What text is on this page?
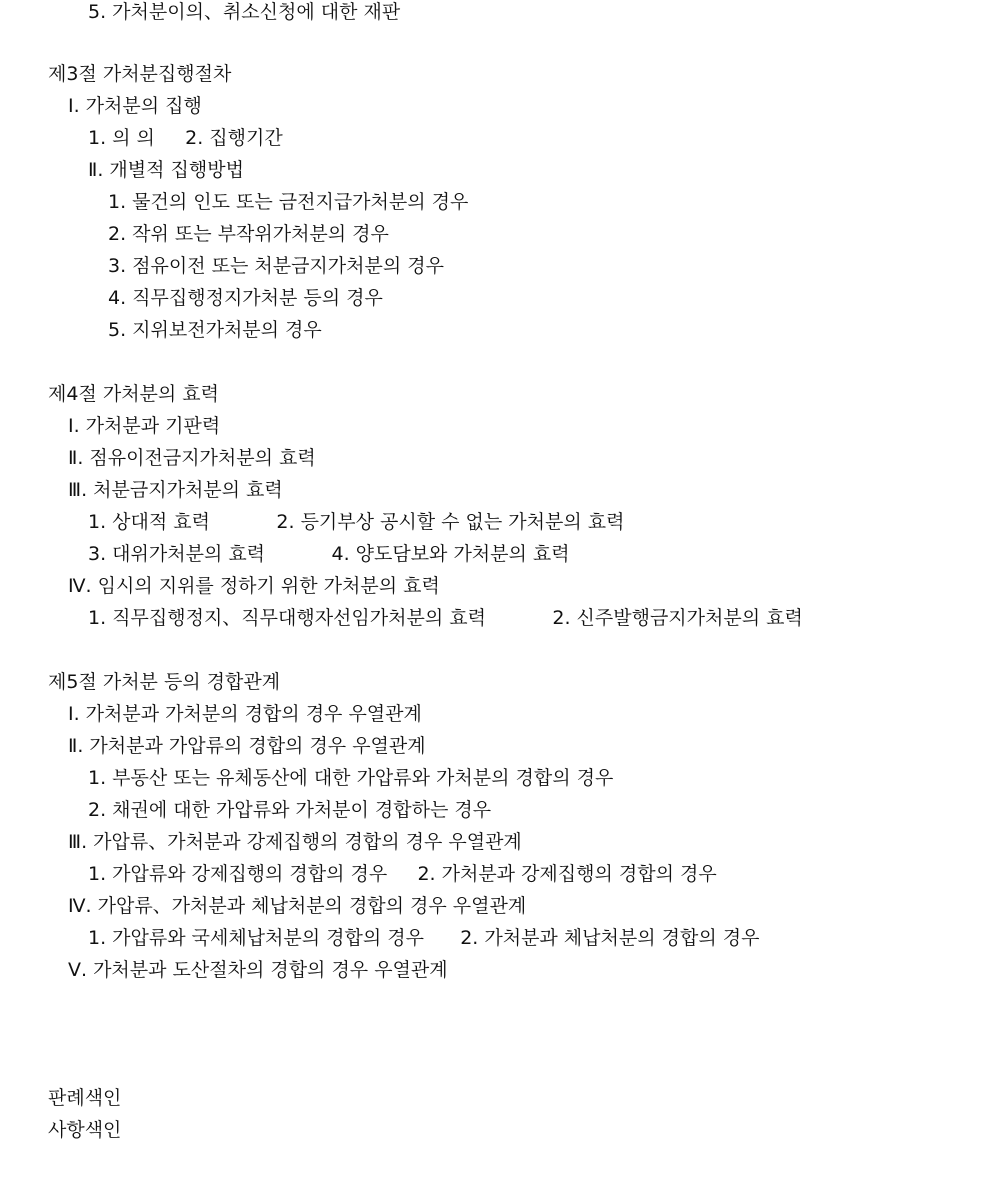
5. 가처분이의、취소신청에 대한 재판
제3절 가처분집행절차
Ⅰ. 가처분의 집행
1. 의 의     2. 집행기간
Ⅱ. 개별적 집행방법
1. 물건의 인도 또는 금전지급가처분의 경우
2. 작위 또는 부작위가처분의 경우
3. 점유이전 또는 처분금지가처분의 경우
4. 직무집행정지가처분 등의 경우
5. 지위보전가처분의 경우
제4절 가처분의 효력
Ⅰ. 가처분과 기판력
Ⅱ. 점유이전금지가처분의 효력
Ⅲ. 처분금지가처분의 효력
1. 상대적 효력           2. 등기부상 공시할 수 없는 가처분의 효력
3. 대위가처분의 효력           4. 양도담보와 가처분의 효력
Ⅳ. 임시의 지위를 정하기 위한 가처분의 효력
1. 직무집행정지、직무대행자선임가처분의 효력           2. 신주발행금지가처분의 효력
제5절 가처분 등의 경합관계
Ⅰ. 가처분과 가처분의 경합의 경우 우열관계
Ⅱ. 가처분과 가압류의 경합의 경우 우열관계
1. 부동산 또는 유체동산에 대한 가압류와 가처분의 경합의 경우
2. 채권에 대한 가압류와 가처분이 경합하는 경우
Ⅲ. 가압류、가처분과 강제집행의 경합의 경우 우열관계
1. 가압류와 강제집행의 경합의 경우     2. 가처분과 강제집행의 경합의 경우
Ⅳ. 가압류、가처분과 체납처분의 경합의 경우 우열관계
1. 가압류와 국세체납처분의 경합의 경우      2. 가처분과 체납처분의 경합의 경우
Ⅴ. 가처분과 도산절차의 경합의 경우 우열관계
판례색인
사항색인
